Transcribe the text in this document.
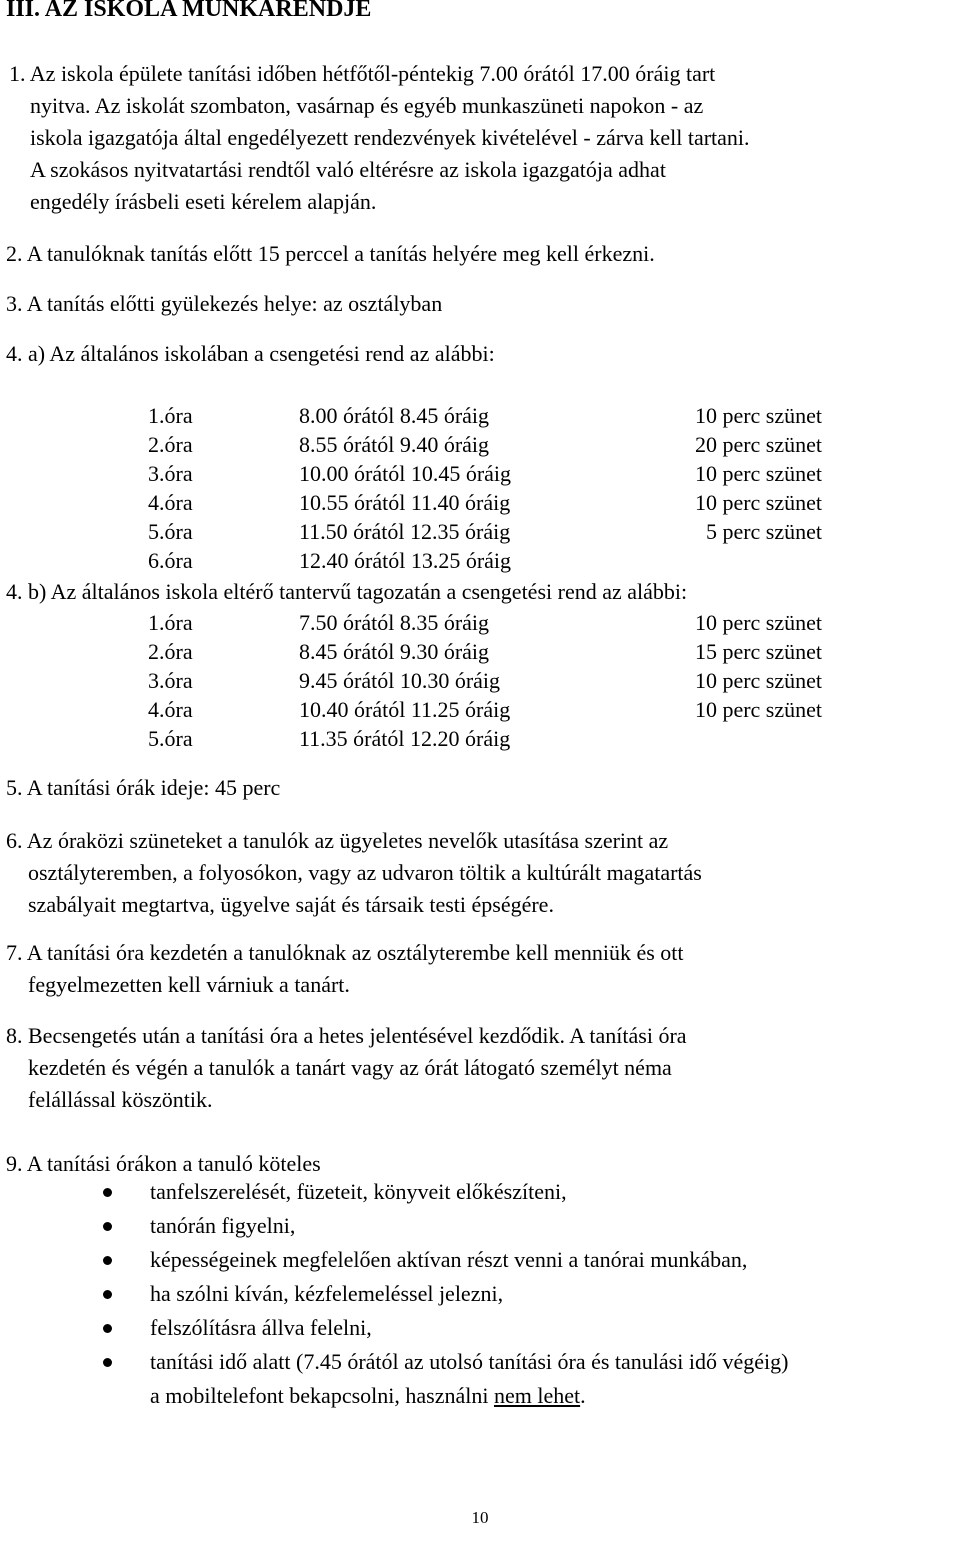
III. AZ ISKOLA MUNKARENDJE
1. Az iskola épülete tanítási időben hétfőtől-péntekig 7.00 órától 17.00 óráig tart
nyitva. Az iskolát szombaton, vasárnap és egyéb munkaszüneti napokon - az
iskola igazgatója által engedélyezett rendezvények kivételével - zárva kell tartani.
A szokásos nyitvatartási rendtől való eltérésre az iskola igazgatója adhat
engedély írásbeli eseti kérelem alapján.
2. A tanulóknak tanítás előtt 15 perccel a tanítás helyére meg kell érkezni.
3. A tanítás előtti gyülekezés helye: az osztályban
4. a) Az általános iskolában a csengetési rend az alábbi:
1.óra	8.00 órától 8.45 óráig	10 perc szünet
2.óra	8.55 órától 9.40 óráig	20 perc szünet
3.óra	10.00 órától 10.45 óráig	10 perc szünet
4.óra	10.55 órától 11.40 óráig	10 perc szünet
5.óra	11.50 órától 12.35 óráig	5 perc szünet
6.óra	12.40 órától 13.25 óráig
4. b) Az általános iskola eltérő tantervű tagozatán a csengetési rend az alábbi:
1.óra	7.50 órától 8.35 óráig	10 perc szünet
2.óra	8.45 órától 9.30 óráig	15 perc szünet
3.óra	9.45 órától 10.30 óráig	10 perc szünet
4.óra	10.40 órától 11.25 óráig	10 perc szünet
5.óra	11.35 órától 12.20 óráig
5. A tanítási órák ideje: 45 perc
6. Az óraközi szüneteket a tanulók az ügyeletes nevelők utasítása szerint az
osztályteremben, a folyosókon, vagy az udvaron töltik a kultúrált magatartás
szabályait megtartva, ügyelve saját és társaik testi épségére.
7. A tanítási óra kezdetén a tanulóknak az osztályterembe kell menniük és ott
fegyelmezetten kell várniuk a tanárt.
8. Becsengetés után a tanítási óra a hetes jelentésével kezdődik. A tanítási óra
kezdetén és végén a tanulók a tanárt vagy az órát látogató személyt néma
felállással köszöntik.
9. A tanítási órákon a tanuló köteles
tanfelszerelését, füzeteit, könyveit előkészíteni,
tanórán figyelni,
képességeinek megfelelően aktívan részt venni a tanórai munkában,
ha szólni kíván, kézfelemeléssel jelezni,
felszólításra állva felelni,
tanítási idő alatt (7.45 órától az utolsó tanítási óra és tanulási idő végéig)
a mobiltelefont bekapcsolni, használni nem lehet.
10
